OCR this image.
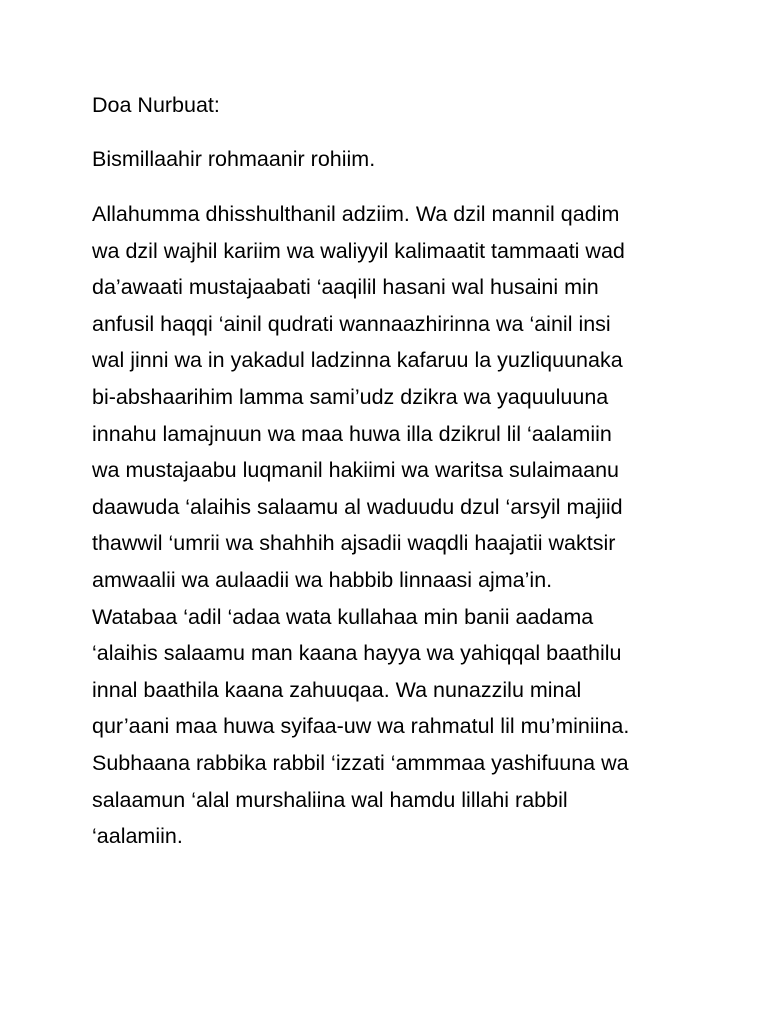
Doa Nurbuat:

Bismillaahir rohmaanir rohiim.

Allahumma dhisshulthanil adziim. Wa dzil mannil qadim
wa dzil wajhil kariim wa waliyyil kalimaatit tammaati wad
da’awaati mustajaabati ‘aaqilil hasani wal husaini min
anfusil haqqi ‘ainil qudrati wannaazhirinna wa ‘ainil insi
wal jinni wa in yakadul ladzinna kafaruu la yuzliquunaka
bi-abshaarihim lamma sami’udz dzikra wa yaquuluuna
innahu lamajnuun wa maa huwa illa dzikrul lil ‘aalamiin
wa mustajaabu luqmanil hakiimi wa waritsa sulaimaanu
daawuda ‘alaihis salaamu al waduudu dzul ‘arsyil majiid
thawwil ‘umrii wa shahhih ajsadii waqdli haajatii waktsir
amwaalii wa aulaadii wa habbib linnaasi ajma’in.
Watabaa ‘adil ‘adaa wata kullahaa min banii aadama
‘alaihis salaamu man kaana hayya wa yahiqqal baathilu
innal baathila kaana zahuuqaa. Wa nunazzilu minal
qur’aani maa huwa syifaa-uw wa rahmatul lil mu’miniina.
Subhaana rabbika rabbil ‘izzati ‘ammmaa yashifuuna wa
salaamun ‘alal murshaliina wal hamdu lillahi rabbil
‘aalamiin.
